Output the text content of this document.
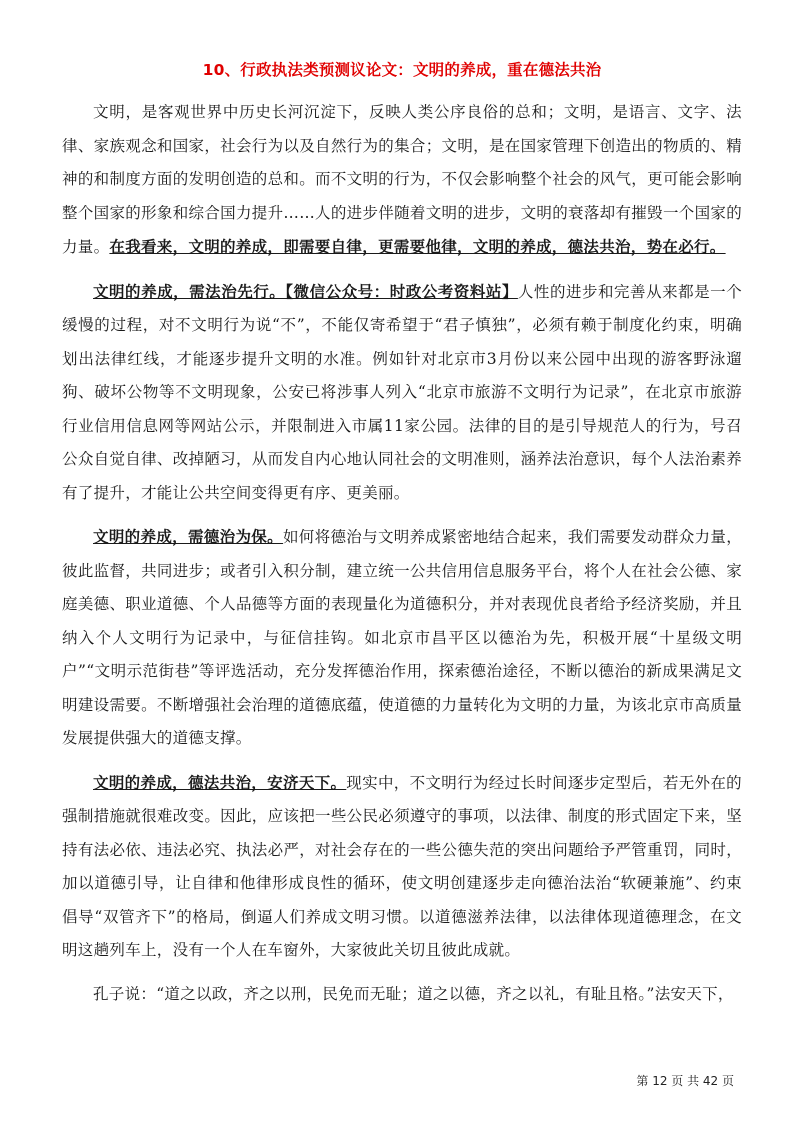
10、行政执法类预测议论文：文明的养成，重在德法共治

文明，是客观世界中历史长河沉淀下，反映人类公序良俗的总和；文明，是语言、文字、法律、家族观念和国家，社会行为以及自然行为的集合；文明，是在国家管理下创造出的物质的、精神的和制度方面的发明创造的总和。而不文明的行为，不仅会影响整个社会的风气，更可能会影响整个国家的形象和综合国力提升……人的进步伴随着文明的进步，文明的衰落却有摧毁一个国家的力量。在我看来，文明的养成，即需要自律，更需要他律，文明的养成，德法共治，势在必行。

文明的养成，需法治先行。【微信公众号：时政公考资料站】人性的进步和完善从来都是一个缓慢的过程，对不文明行为说“不”，不能仅寄希望于“君子慎独”，必须有赖于制度化约束，明确划出法律红线，才能逐步提升文明的水准。例如针对北京市3月份以来公园中出现的游客野泳遛狗、破坏公物等不文明现象，公安已将涉事人列入“北京市旅游不文明行为记录”，在北京市旅游行业信用信息网等网站公示，并限制进入市属11家公园。法律的目的是引导规范人的行为，号召公众自觉自律、改掉陋习，从而发自内心地认同社会的文明准则，涵养法治意识，每个人法治素养有了提升，才能让公共空间变得更有序、更美丽。

文明的养成，需德治为保。如何将德治与文明养成紧密地结合起来，我们需要发动群众力量，彼此监督，共同进步；或者引入积分制，建立统一公共信用信息服务平台，将个人在社会公德、家庭美德、职业道德、个人品德等方面的表现量化为道德积分，并对表现优良者给予经济奖励，并且纳入个人文明行为记录中，与征信挂钩。如北京市昌平区以德治为先，积极开展“十星级文明户”“文明示范街巷”等评选活动，充分发挥德治作用，探索德治途径，不断以德治的新成果满足文明建设需要。不断增强社会治理的道德底蕴，使道德的力量转化为文明的力量，为该北京市高质量发展提供强大的道德支撑。

文明的养成，德法共治，安济天下。现实中，不文明行为经过长时间逐步定型后，若无外在的强制措施就很难改变。因此，应该把一些公民必须遵守的事项，以法律、制度的形式固定下来，坚持有法必依、违法必究、执法必严，对社会存在的一些公德失范的突出问题给予严管重罚，同时，加以道德引导，让自律和他律形成良性的循环，使文明创建逐步走向德治法治“软硬兼施”、约束倡导“双管齐下”的格局，倒逼人们养成文明习惯。以道德滋养法律，以法律体现道德理念，在文明这趟列车上，没有一个人在车窗外，大家彼此关切且彼此成就。

孔子说：“道之以政，齐之以刑，民免而无耻；道之以德，齐之以礼，有耻且格。”法安天下，

第 12 页 共 42 页
